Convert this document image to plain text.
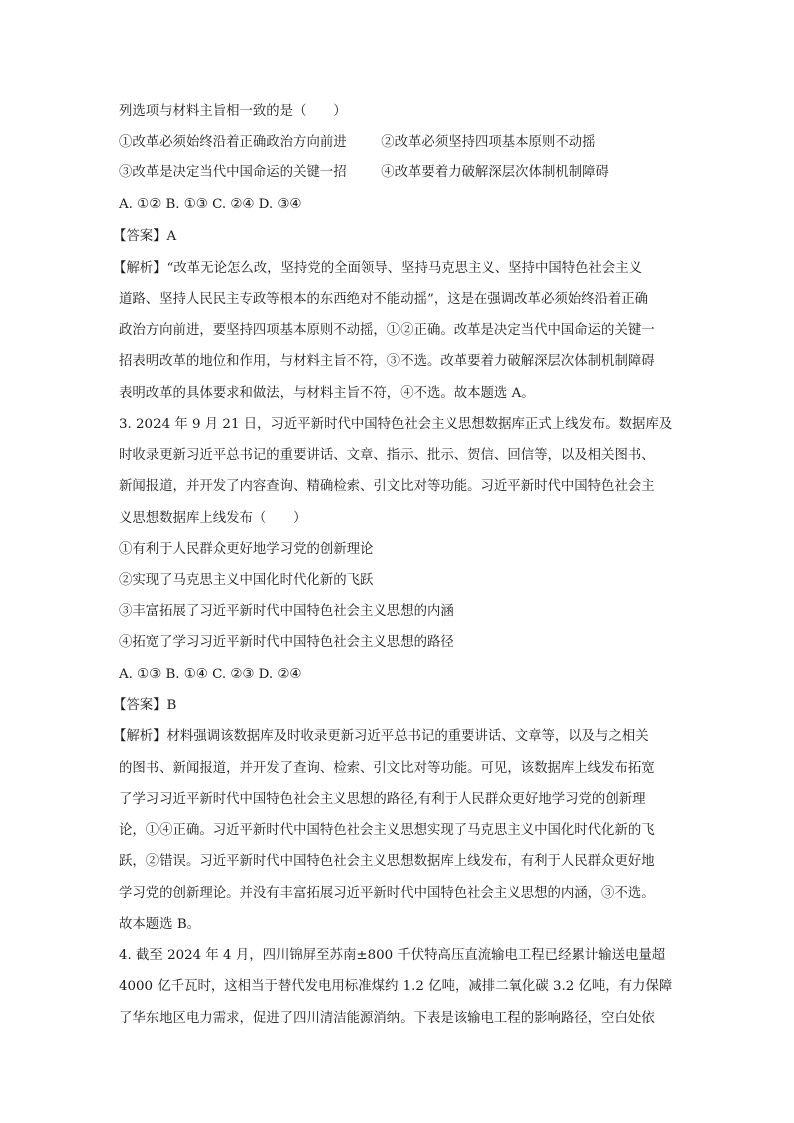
列选项与材料主旨相一致的是（　　）
①改革必须始终沿着正确政治方向前进	②改革必须坚持四项基本原则不动摇
③改革是决定当代中国命运的关键一招	④改革要着力破解深层次体制机制障碍
A. ①② B. ①③ C. ②④ D. ③④
【答案】A
【解析】“改革无论怎么改，坚持党的全面领导、坚持马克思主义、坚持中国特色社会主义
道路、坚持人民民主专政等根本的东西绝对不能动摇”，这是在强调改革必须始终沿着正确
政治方向前进，要坚持四项基本原则不动摇，①②正确。改革是决定当代中国命运的关键一
招表明改革的地位和作用，与材料主旨不符，③不选。改革要着力破解深层次体制机制障碍
表明改革的具体要求和做法，与材料主旨不符，④不选。故本题选 A。
3. 2024 年 9 月 21 日，习近平新时代中国特色社会主义思想数据库正式上线发布。数据库及
时收录更新习近平总书记的重要讲话、文章、指示、批示、贺信、回信等，以及相关图书、
新闻报道，并开发了内容查询、精确检索、引文比对等功能。习近平新时代中国特色社会主
义思想数据库上线发布（　　）
①有利于人民群众更好地学习党的创新理论
②实现了马克思主义中国化时代化新的飞跃
③丰富拓展了习近平新时代中国特色社会主义思想的内涵
④拓宽了学习习近平新时代中国特色社会主义思想的路径
A. ①③ B. ①④ C. ②③ D. ②④
【答案】B
【解析】材料强调该数据库及时收录更新习近平总书记的重要讲话、文章等，以及与之相关
的图书、新闻报道，并开发了查询、检索、引文比对等功能。可见，该数据库上线发布拓宽
了学习习近平新时代中国特色社会主义思想的路径,有利于人民群众更好地学习党的创新理
论，①④正确。习近平新时代中国特色社会主义思想实现了马克思主义中国化时代化新的飞
跃，②错误。习近平新时代中国特色社会主义思想数据库上线发布，有利于人民群众更好地
学习党的创新理论。并没有丰富拓展习近平新时代中国特色社会主义思想的内涵，③不选。
故本题选 B。
4. 截至 2024 年 4 月，四川锦屏至苏南±800 千伏特高压直流输电工程已经累计输送电量超
4000 亿千瓦时，这相当于替代发电用标准煤约 1.2 亿吨，减排二氧化碳 3.2 亿吨，有力保障
了华东地区电力需求，促进了四川清洁能源消纳。下表是该输电工程的影响路径，空白处依
